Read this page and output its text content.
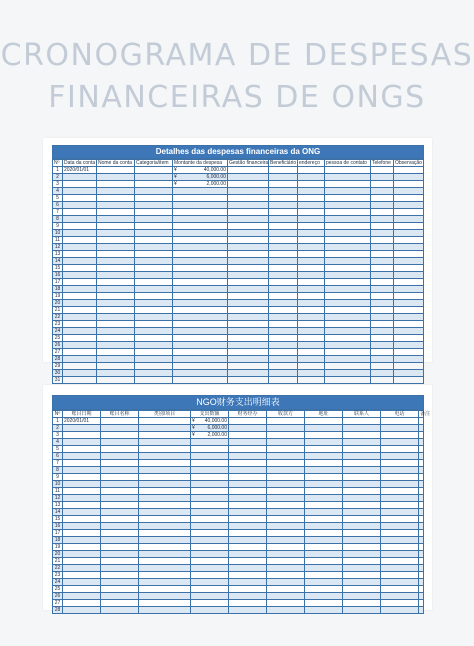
CRONOGRAMA DE DESPESAS
FINANCEIRAS DE ONGS
Detalhes das despesas financeiras da ONG
Nº	Data da conta	Nome da conta	Categoria/item	Montante da despesa	Gestão financeira	Beneficiário	endereço	pessoa de contato	Telefone	Observação
1	2020/01/01			¥ 40,000.00						

2				¥ 6,000.00						

3				¥ 2,000.00						

4										
5										
6										
7										
8										
9										
10										
11										
12										
13										
14										
15										
16										
17										
18										
19										
20										
21										
22										
23										
24										
25										
26										
27										
28										
29										
30										
31										
NGO财务支出明细表
Nº	账目日期	账目名称	类别/项目	支出数额	财务经办	收款方	地址	联系人	电话	备注
1	2020/01/01			¥ 40,000.00						

2				¥ 6,000.00						

3				¥ 2,000.00						

4										
5										
6										
7										
8										
9										
10										
11										
12										
13										
14										
15										
16										
17										
18										
19										
20										
21										
22										
23										
24										
25										
26										
27										
28										
